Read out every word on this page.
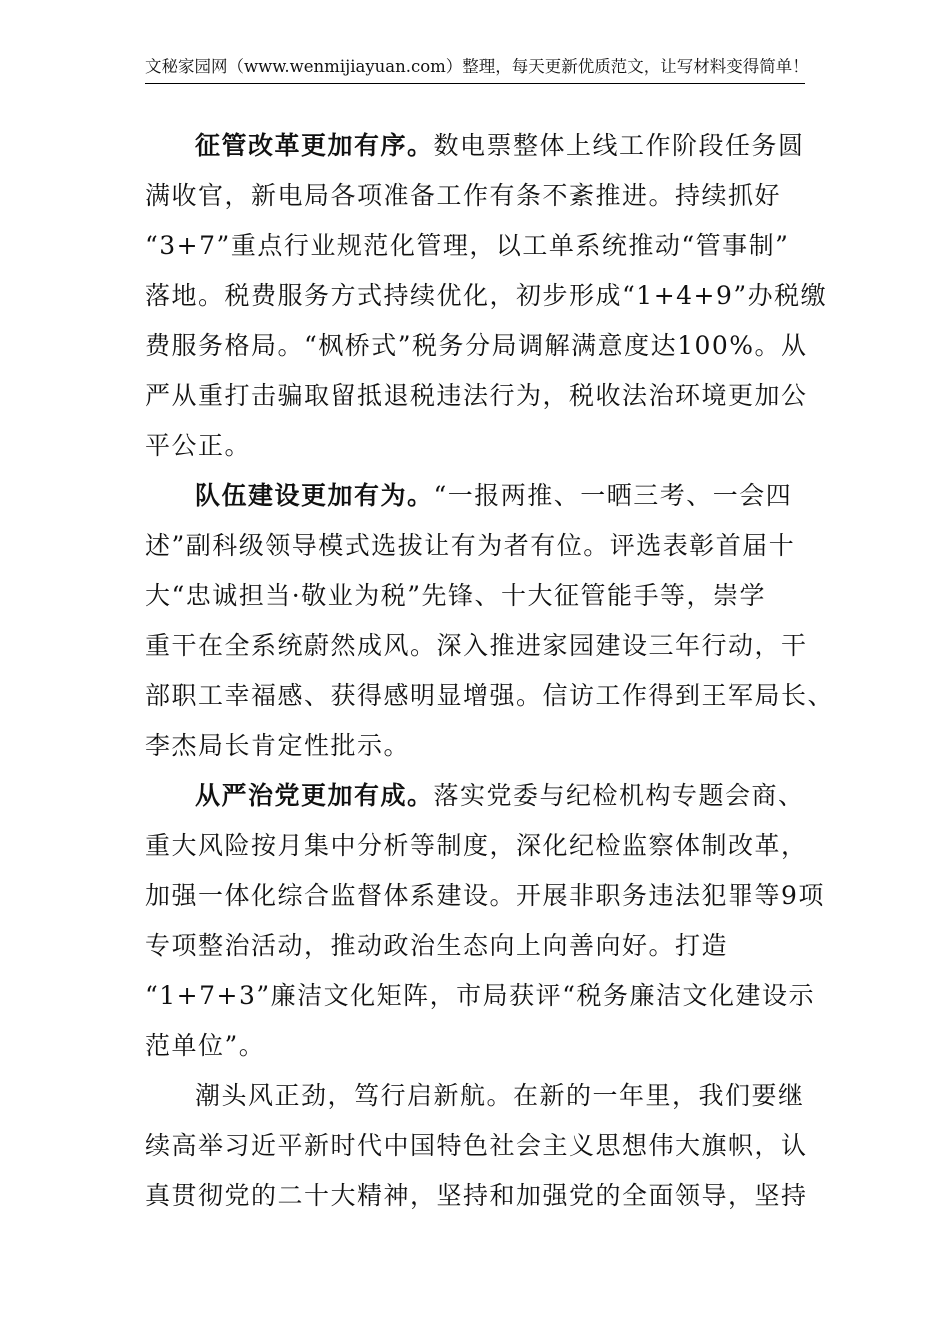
文秘家园网（www.wenmijiayuan.com）整理，每天更新优质范文，让写材料变得简单！
征管改革更加有序。数电票整体上线工作阶段任务圆
满收官，新电局各项准备工作有条不紊推进。持续抓好
“3+7”重点行业规范化管理，以工单系统推动“管事制”
落地。税费服务方式持续优化，初步形成“1+4+9”办税缴
费服务格局。“枫桥式”税务分局调解满意度达100%。从
严从重打击骗取留抵退税违法行为，税收法治环境更加公
平公正。
队伍建设更加有为。“一报两推、一晒三考、一会四
述”副科级领导模式选拔让有为者有位。评选表彰首届十
大“忠诚担当·敬业为税”先锋、十大征管能手等，崇学
重干在全系统蔚然成风。深入推进家园建设三年行动，干
部职工幸福感、获得感明显增强。信访工作得到王军局长、
李杰局长肯定性批示。
从严治党更加有成。落实党委与纪检机构专题会商、
重大风险按月集中分析等制度，深化纪检监察体制改革，
加强一体化综合监督体系建设。开展非职务违法犯罪等9项
专项整治活动，推动政治生态向上向善向好。打造
“1+7+3”廉洁文化矩阵，市局获评“税务廉洁文化建设示
范单位”。
潮头风正劲，笃行启新航。在新的一年里，我们要继
续高举习近平新时代中国特色社会主义思想伟大旗帜，认
真贯彻党的二十大精神，坚持和加强党的全面领导，坚持
